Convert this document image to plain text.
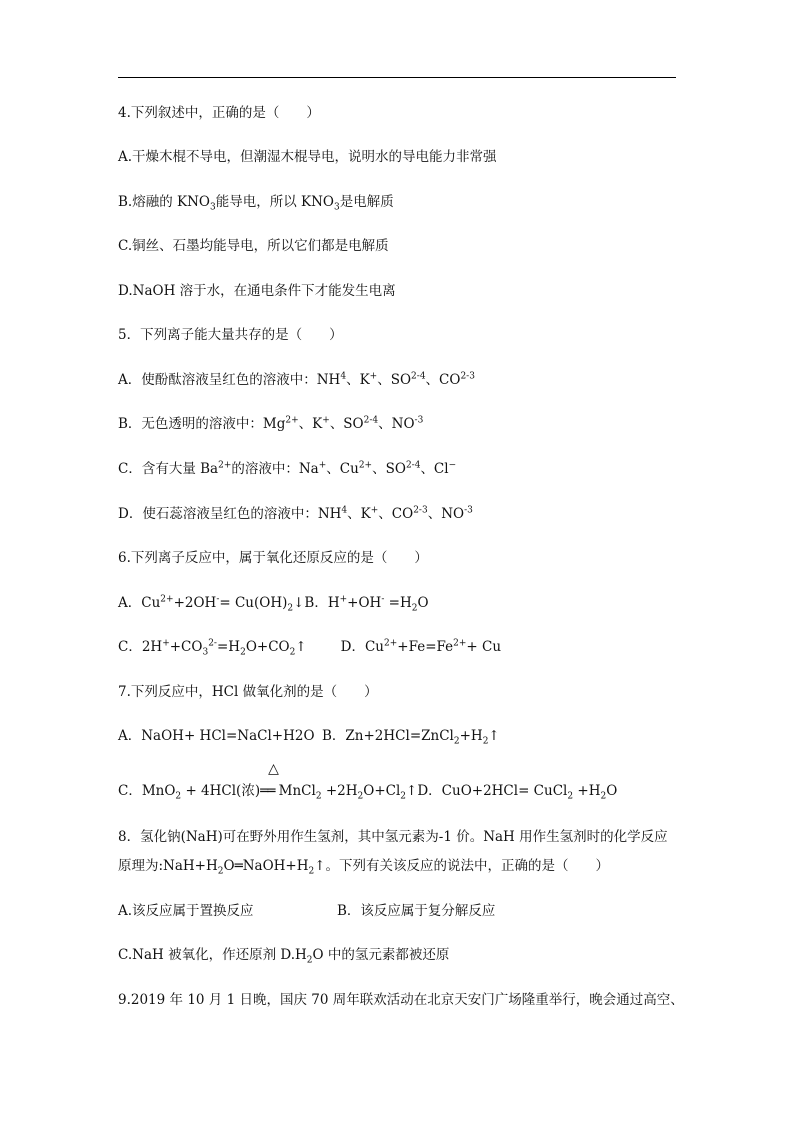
4.下列叙述中，正确的是（　　）
A.干燥木棍不导电，但潮湿木棍导电，说明水的导电能力非常强
B.熔融的 $KNO_3$能导电，所以 $KNO_3$是电解质
C.铜丝、石墨均能导电，所以它们都是电解质
D.NaOH 溶于水，在通电条件下才能发生电离
5．下列离子能大量共存的是（　　）
A．使酚酞溶液呈红色的溶液中：$NH^4$、K+、SO$^{2-4}$、CO$^{2-3}$
B．无色透明的溶液中：$Mg^{2+}$、K+、SO$^{2-4}$、$NO^{-3}$
C．含有大量 $Ba^{2+}$的溶液中：Na+、$Cu^{2+}$、SO$^{2-4}$、Cl−
D．使石蕊溶液呈红色的溶液中：$NH^4$、K+、CO$^{2-3}$、$NO^{-3}$
6.下列离子反应中，属于氧化还原反应的是（　　）
A．$Cu^{2+}+2OH^-=$ $Cu(OH)_2↓B$．$H^++OH^- =H_2O$
C．$2H^++CO_3^{2-}=H_2O+CO_2↑$	D．$Cu^{2+}+Fe=Fe^{2+}+ Cu$
7.下列反应中，HCl 做氧化剂的是（　　）
A．NaOH+ HCl=NaCl+H2O B．$Zn+2HCl=ZnCl_2+H_2↑$
C．MnO$_2$ + 4HCl(浓)
△
══ MnCl$_2$ $+2H_2O+Cl_2↑D$．CuO+2HCl= CuCl$_2$ $+H_2O$
8．氢化钠(NaH)可在野外用作生氢剂，其中氢元素为-1 价。NaH 用作生氢剂时的化学反应
原理为$:NaH+H_2O═NaOH+H_2↑$。下列有关该反应的说法中，正确的是（　　）
A.该反应属于置换反应	B．该反应属于复分解反应
C.NaH 被氧化，作还原剂 $D.H_2O$ 中的氢元素都被还原
9.2019 年 10 月 1 日晚，国庆 70 周年联欢活动在北京天安门广场隆重举行，晚会通过高空、
